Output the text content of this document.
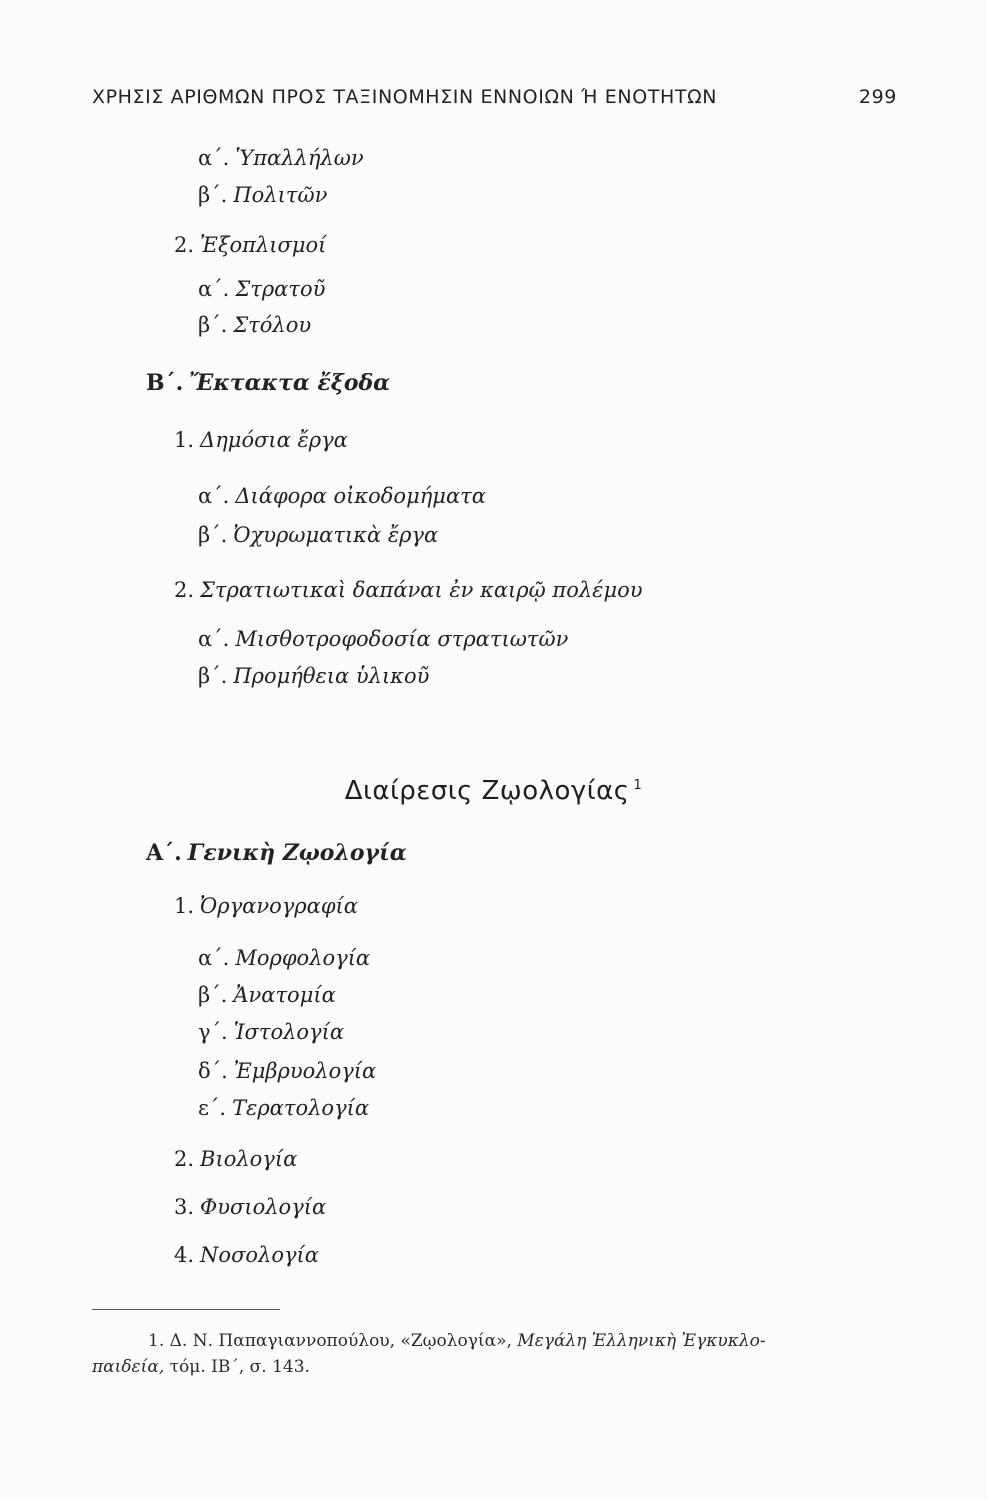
ΧΡΗΣΙΣ ΑΡΙΘΜΩΝ ΠΡΟΣ ΤΑΞΙΝΟΜΗΣΙΝ ΕΝΝΟΙΩΝ Ή ΕΝΟΤΗΤΩΝ	299
α΄. Ὑπαλλήλων
β΄. Πολιτῶν
2. Ἐξοπλισμοί
α΄. Στρατοῦ
β΄. Στόλου
Β΄. Ἔκτακτα ἔξοδα
1. Δημόσια ἔργα
α΄. Διάφορα οἰκοδομήματα
β΄. Ὀχυρωματικὰ ἔργα
2. Στρατιωτικαὶ δαπάναι ἐν καιρῷ πολέμου
α΄. Μισθοτροφοδοσία στρατιωτῶν
β΄. Προμήθεια ὑλικοῦ
Διαίρεσις Ζῳολογίας $^1$
Α΄. Γενικὴ Ζῳολογία
1. Ὀργανογραφία
α΄. Μορφολογία
β΄. Ἀνατομία
γ΄. Ἱστολογία
δ΄. Ἐμβρυολογία
ε΄. Τερατολογία
2. Βιολογία
3. Φυσιολογία
4. Νοσολογία
1. Δ. Ν. Παπαγιαννοπούλου, «Ζῳολογία», Μεγάλη Ἑλληνικὴ Ἐγκυκλο-
παιδεία, τόμ. ΙΒ΄, σ. 143.
